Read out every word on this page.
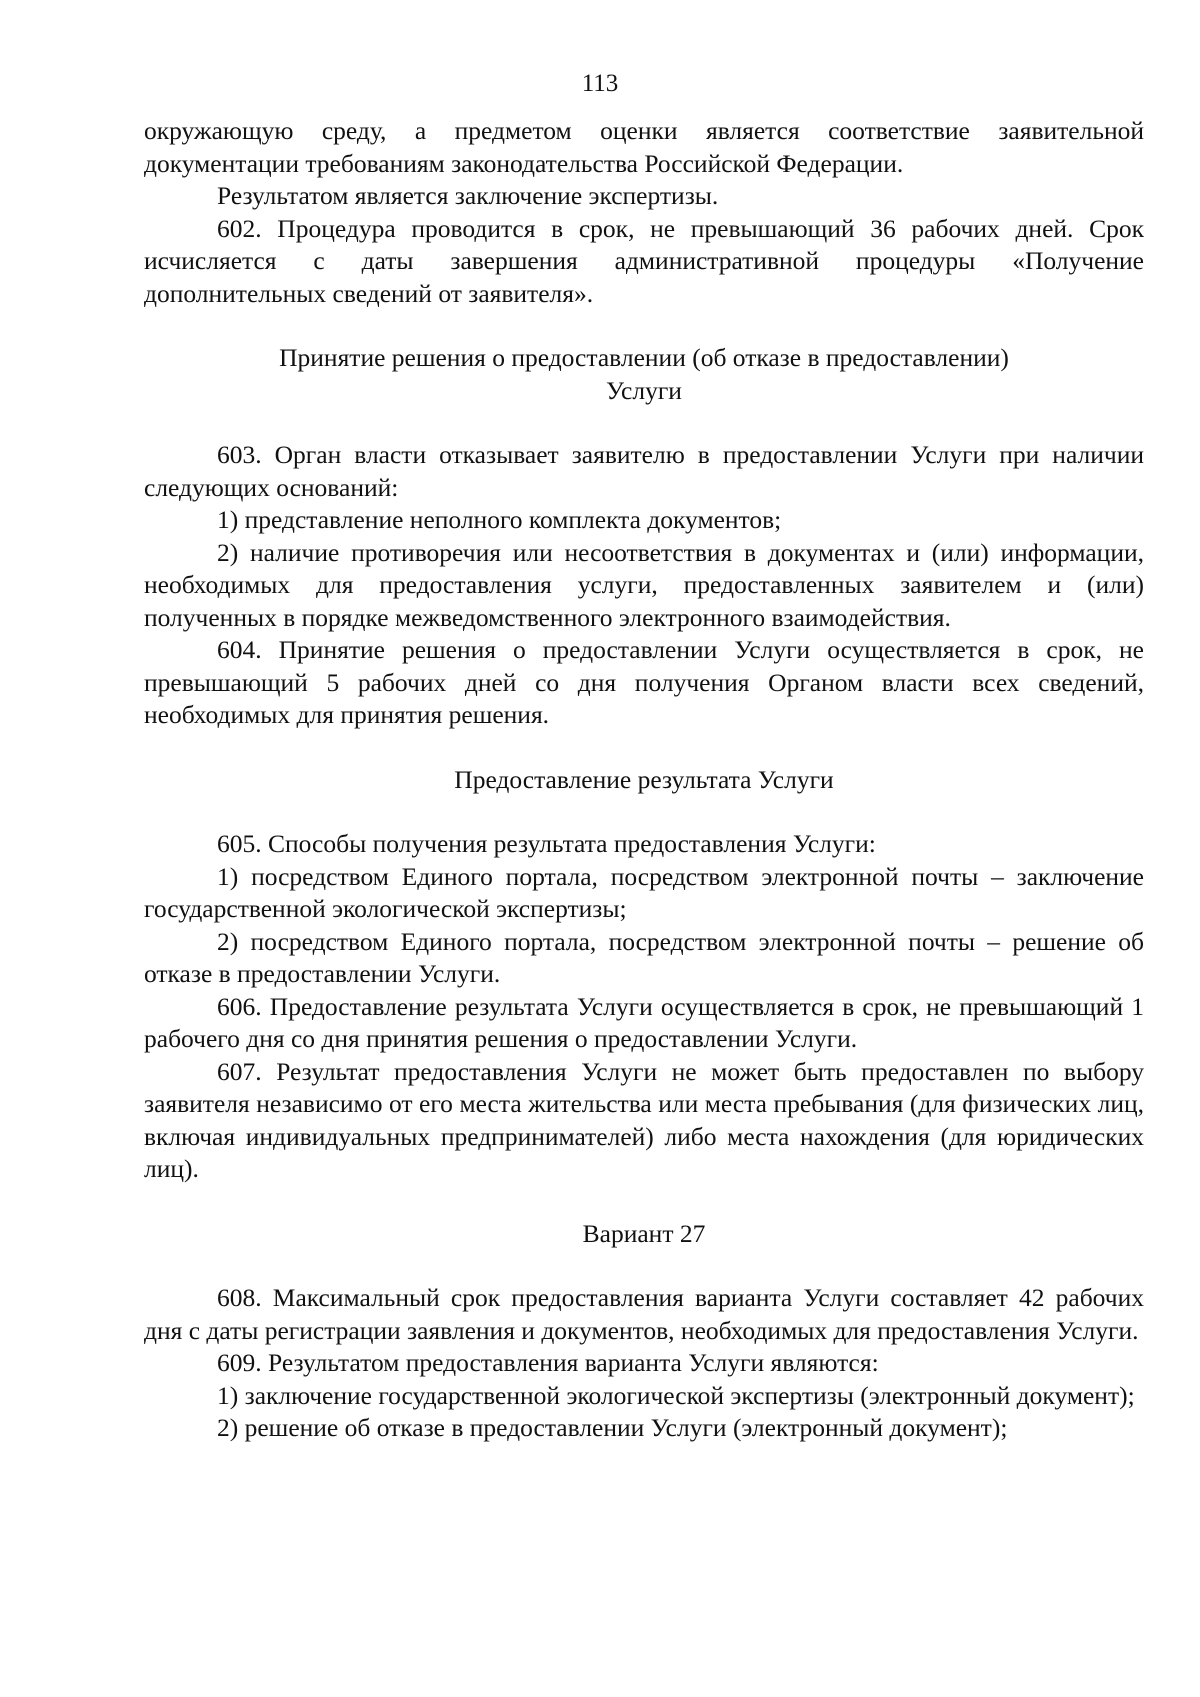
113

окружающую среду, а предметом оценки является соответствие заявительной документации требованиям законодательства Российской Федерации.

Результатом является заключение экспертизы.

602. Процедура проводится в срок, не превышающий 36 рабочих дней. Срок исчисляется с даты завершения административной процедуры «Получение дополнительных сведений от заявителя».

Принятие решения о предоставлении (об отказе в предоставлении)
Услуги

603. Орган власти отказывает заявителю в предоставлении Услуги при наличии следующих оснований:

1) представление неполного комплекта документов;

2) наличие противоречия или несоответствия в документах и (или) информации, необходимых для предоставления услуги, предоставленных заявителем и (или) полученных в порядке межведомственного электронного взаимодействия.

604. Принятие решения о предоставлении Услуги осуществляется в срок, не превышающий 5 рабочих дней со дня получения Органом власти всех сведений, необходимых для принятия решения.

Предоставление результата Услуги

605. Способы получения результата предоставления Услуги:

1) посредством Единого портала, посредством электронной почты – заключение государственной экологической экспертизы;

2) посредством Единого портала, посредством электронной почты – решение об отказе в предоставлении Услуги.

606. Предоставление результата Услуги осуществляется в срок, не превышающий 1 рабочего дня со дня принятия решения о предоставлении Услуги.

607. Результат предоставления Услуги не может быть предоставлен по выбору заявителя независимо от его места жительства или места пребывания (для физических лиц, включая индивидуальных предпринимателей) либо места нахождения (для юридических лиц).

Вариант 27

608. Максимальный срок предоставления варианта Услуги составляет 42 рабочих дня с даты регистрации заявления и документов, необходимых для предоставления Услуги.

609. Результатом предоставления варианта Услуги являются:

1) заключение государственной экологической экспертизы (электронный документ);

2) решение об отказе в предоставлении Услуги (электронный документ);
